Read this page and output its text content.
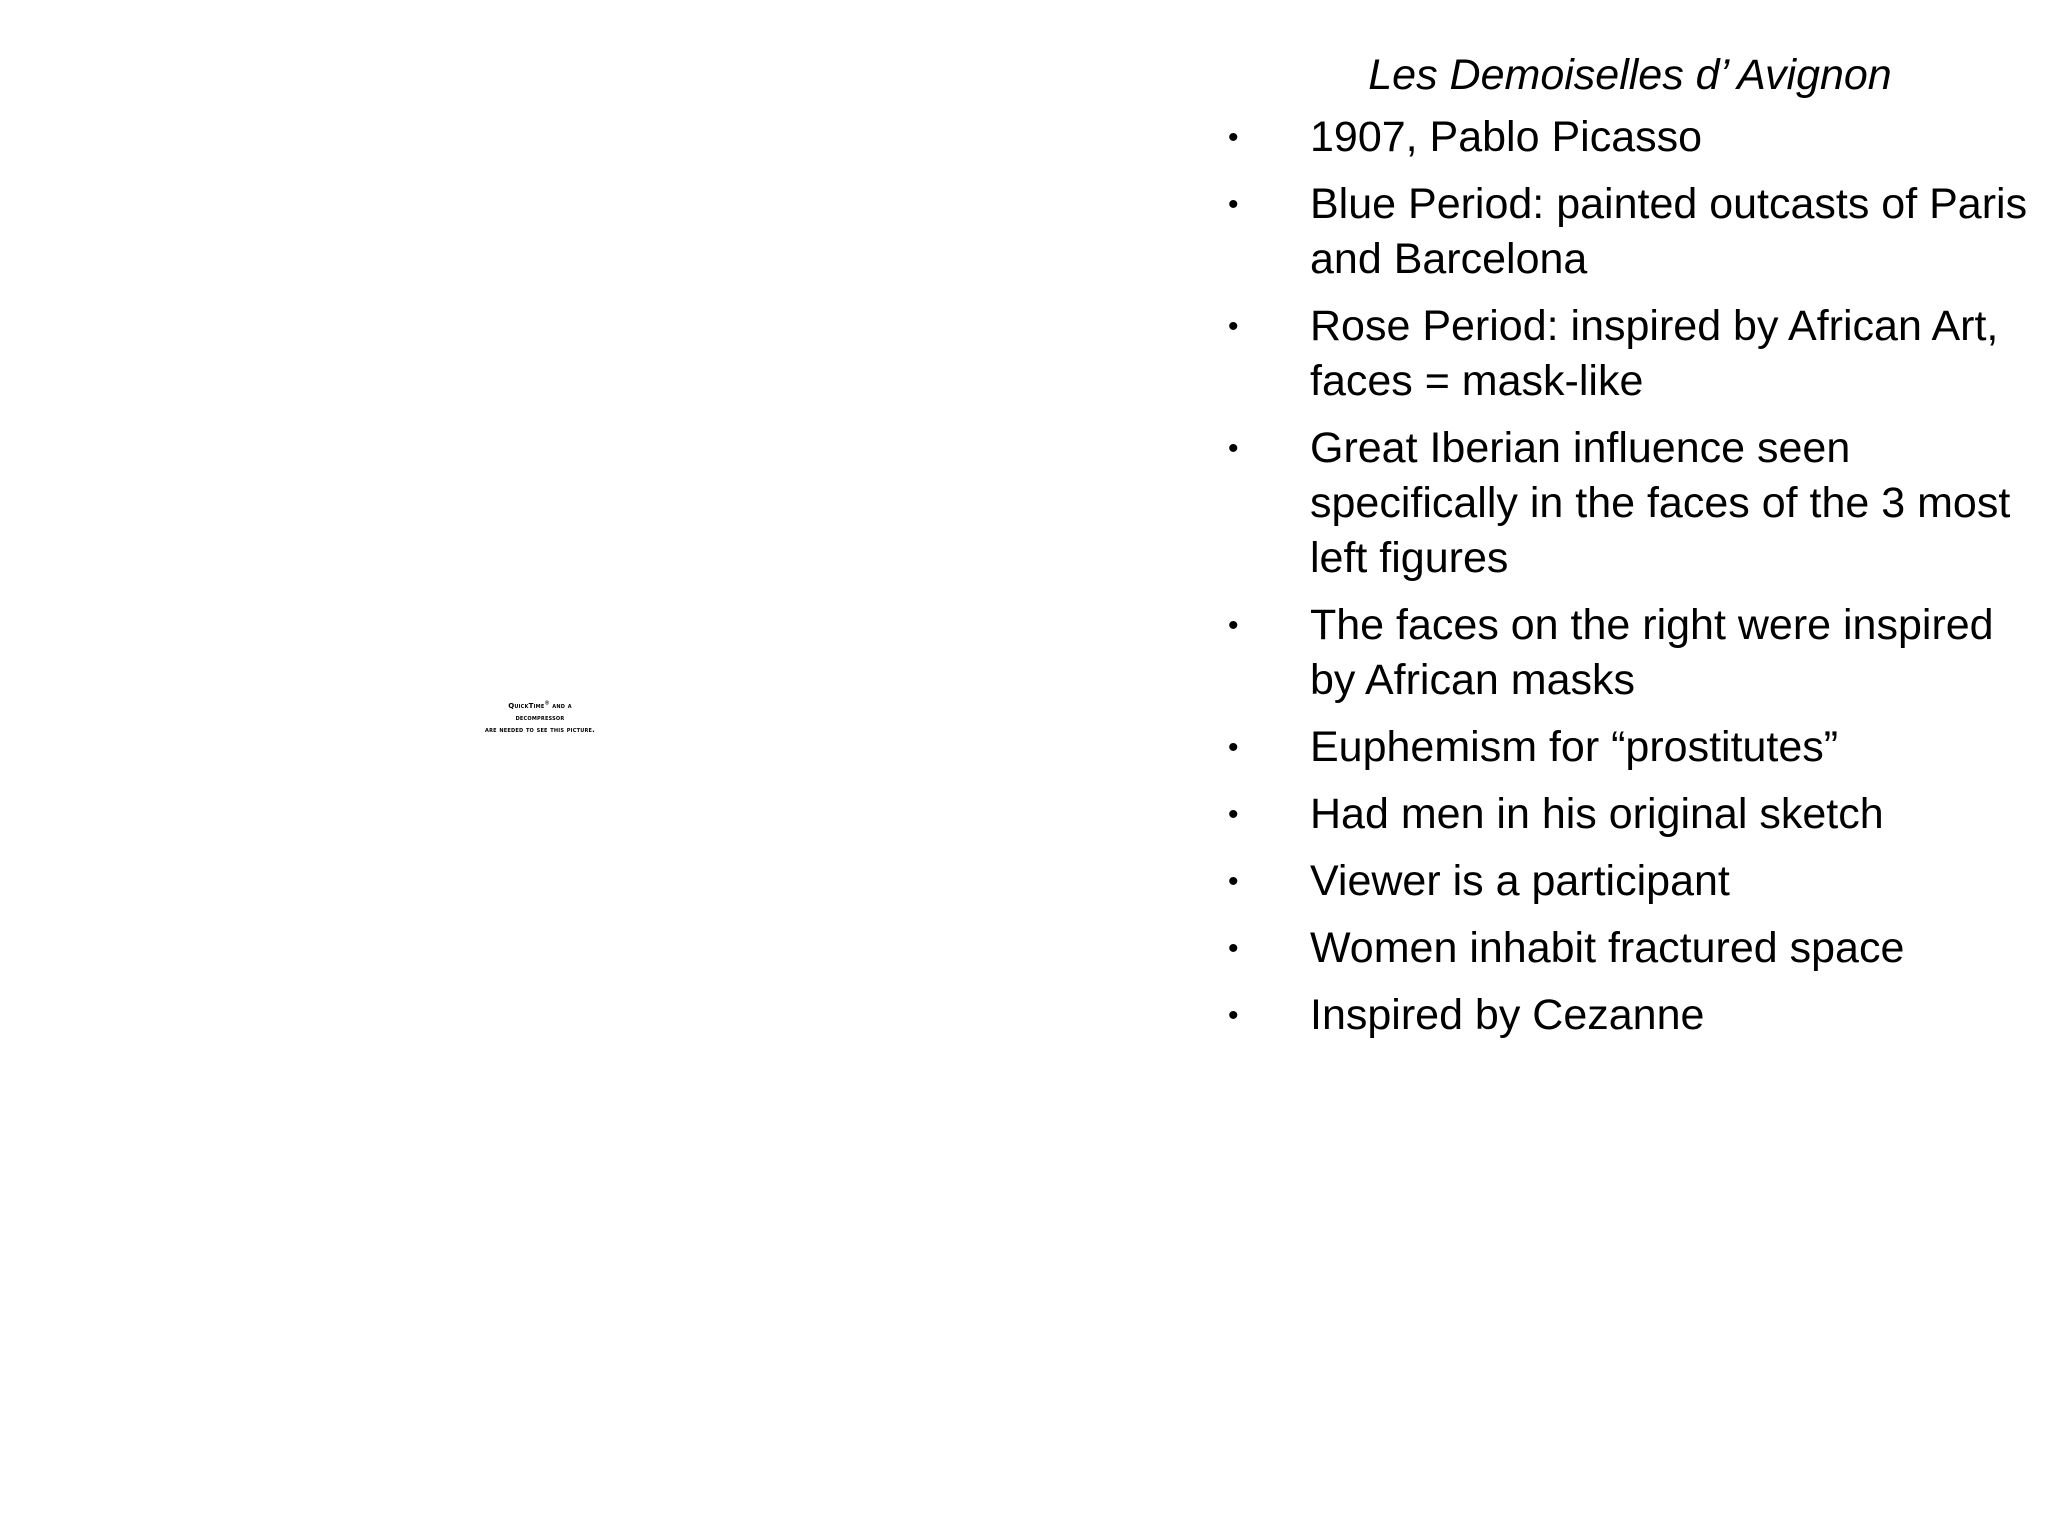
QuickTime® and a
decompressor
are needed to see this picture.
Les Demoiselles d’ Avignon
• 1907, Pablo Picasso
• Blue Period: painted outcasts of Paris and Barcelona
• Rose Period: inspired by African Art, faces = mask-like
• Great Iberian influence seen specifically in the faces of the 3 most left figures
• The faces on the right were inspired by African masks
• Euphemism for “prostitutes”
• Had men in his original sketch
• Viewer is a participant
• Women inhabit fractured space
• Inspired by Cezanne
